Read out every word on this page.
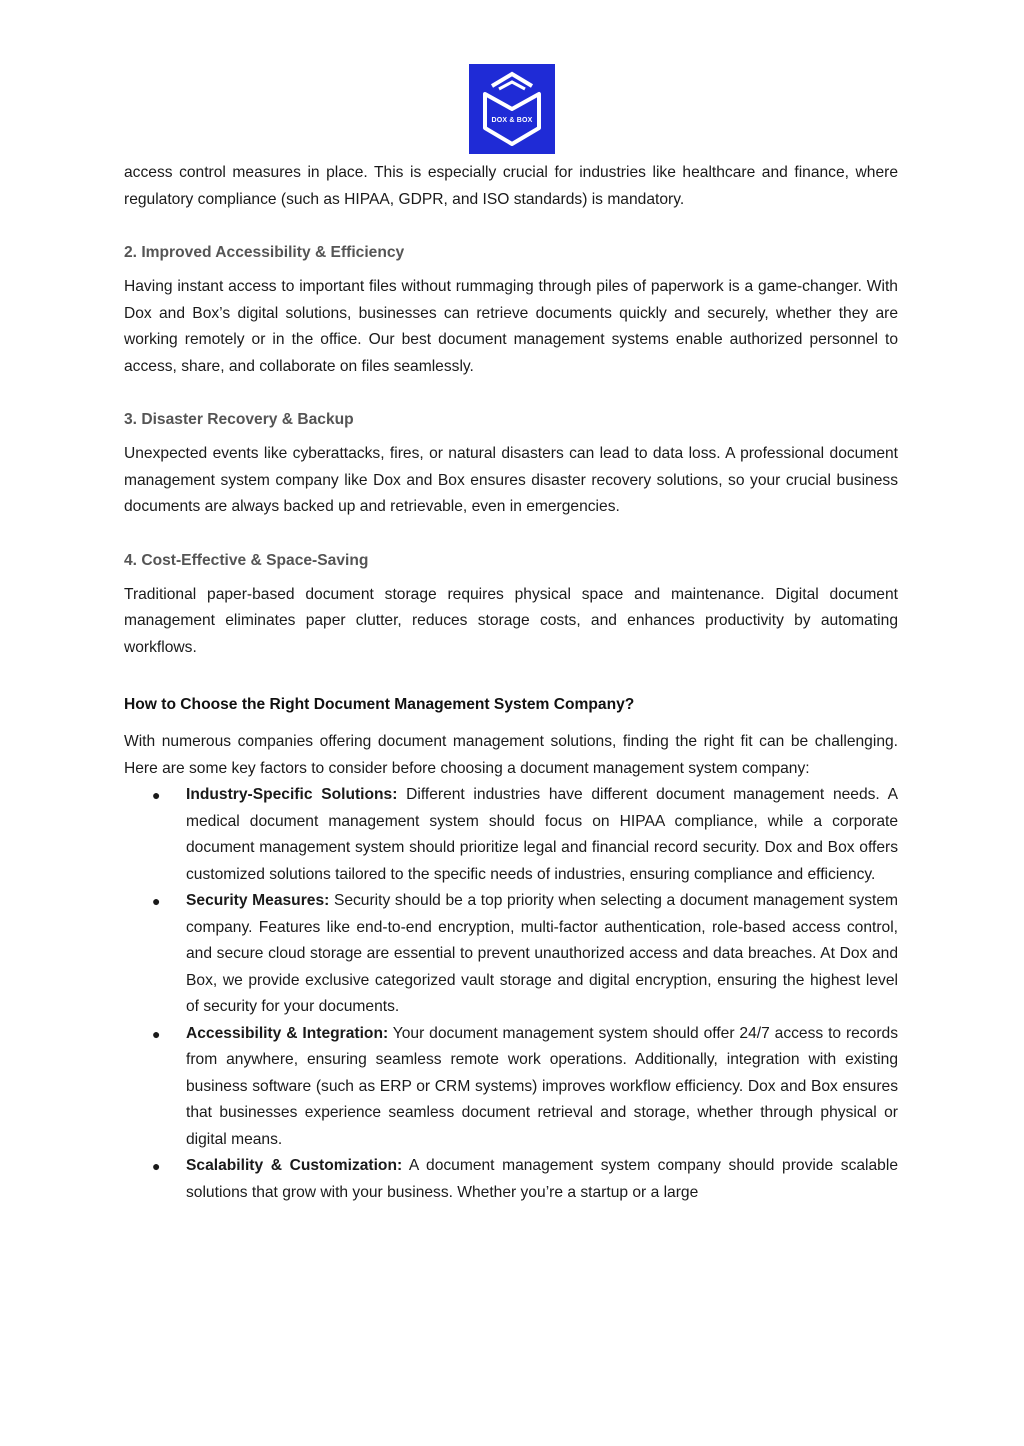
DOX & BOX

access control measures in place. This is especially crucial for industries like healthcare and finance, where regulatory compliance (such as HIPAA, GDPR, and ISO standards) is mandatory.

2. Improved Accessibility & Efficiency

Having instant access to important files without rummaging through piles of paperwork is a game-changer. With Dox and Box’s digital solutions, businesses can retrieve documents quickly and securely, whether they are working remotely or in the office. Our best document management systems enable authorized personnel to access, share, and collaborate on files seamlessly.

3. Disaster Recovery & Backup

Unexpected events like cyberattacks, fires, or natural disasters can lead to data loss. A professional document management system company like Dox and Box ensures disaster recovery solutions, so your crucial business documents are always backed up and retrievable, even in emergencies.

4. Cost-Effective & Space-Saving

Traditional paper-based document storage requires physical space and maintenance. Digital document management eliminates paper clutter, reduces storage costs, and enhances productivity by automating workflows.

How to Choose the Right Document Management System Company?

With numerous companies offering document management solutions, finding the right fit can be challenging. Here are some key factors to consider before choosing a document management system company:

● Industry-Specific Solutions: Different industries have different document management needs. A medical document management system should focus on HIPAA compliance, while a corporate document management system should prioritize legal and financial record security. Dox and Box offers customized solutions tailored to the specific needs of industries, ensuring compliance and efficiency.
● Security Measures: Security should be a top priority when selecting a document management system company. Features like end-to-end encryption, multi-factor authentication, role-based access control, and secure cloud storage are essential to prevent unauthorized access and data breaches. At Dox and Box, we provide exclusive categorized vault storage and digital encryption, ensuring the highest level of security for your documents.
● Accessibility & Integration: Your document management system should offer 24/7 access to records from anywhere, ensuring seamless remote work operations. Additionally, integration with existing business software (such as ERP or CRM systems) improves workflow efficiency. Dox and Box ensures that businesses experience seamless document retrieval and storage, whether through physical or digital means.
● Scalability & Customization: A document management system company should provide scalable solutions that grow with your business. Whether you’re a startup or a large
